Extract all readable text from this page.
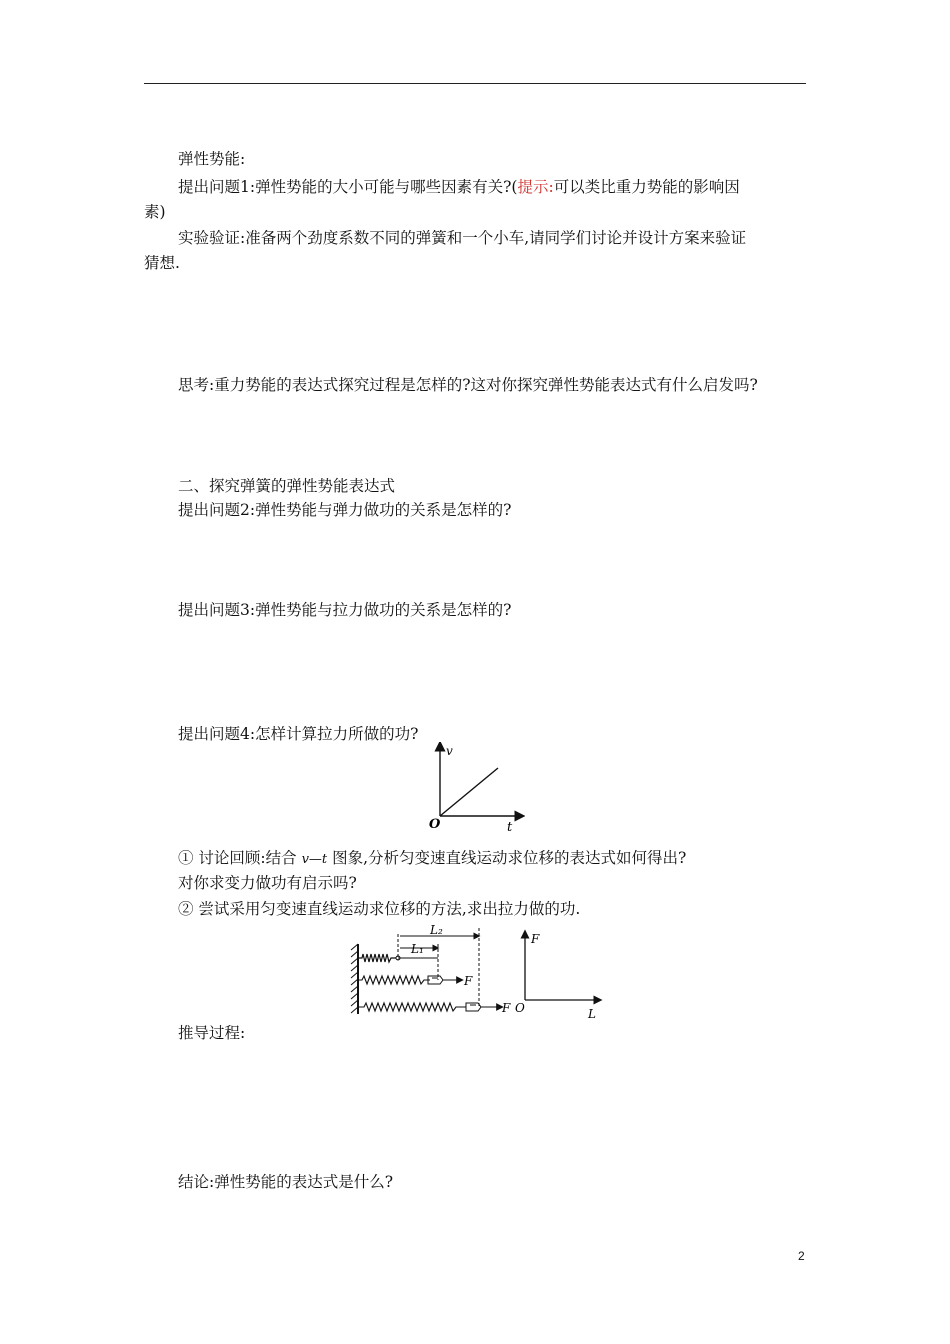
弹性势能:
提出问题1:弹性势能的大小可能与哪些因素有关?(提示:可以类比重力势能的影响因
素)
实验验证:准备两个劲度系数不同的弹簧和一个小车,请同学们讨论并设计方案来验证
猜想.
思考:重力势能的表达式探究过程是怎样的?这对你探究弹性势能表达式有什么启发吗?
二、探究弹簧的弹性势能表达式
提出问题2:弹性势能与弹力做功的关系是怎样的?
提出问题3:弹性势能与拉力做功的关系是怎样的?
提出问题4:怎样计算拉力所做的功?
v
t
O
① 讨论回顾:结合 v—t 图象,分析匀变速直线运动求位移的表达式如何得出?
对你求变力做功有启示吗?
② 尝试采用匀变速直线运动求位移的方法,求出拉力做的功.
F
F
L₂
L₁
F
O	L
推导过程:
结论:弹性势能的表达式是什么?
2
